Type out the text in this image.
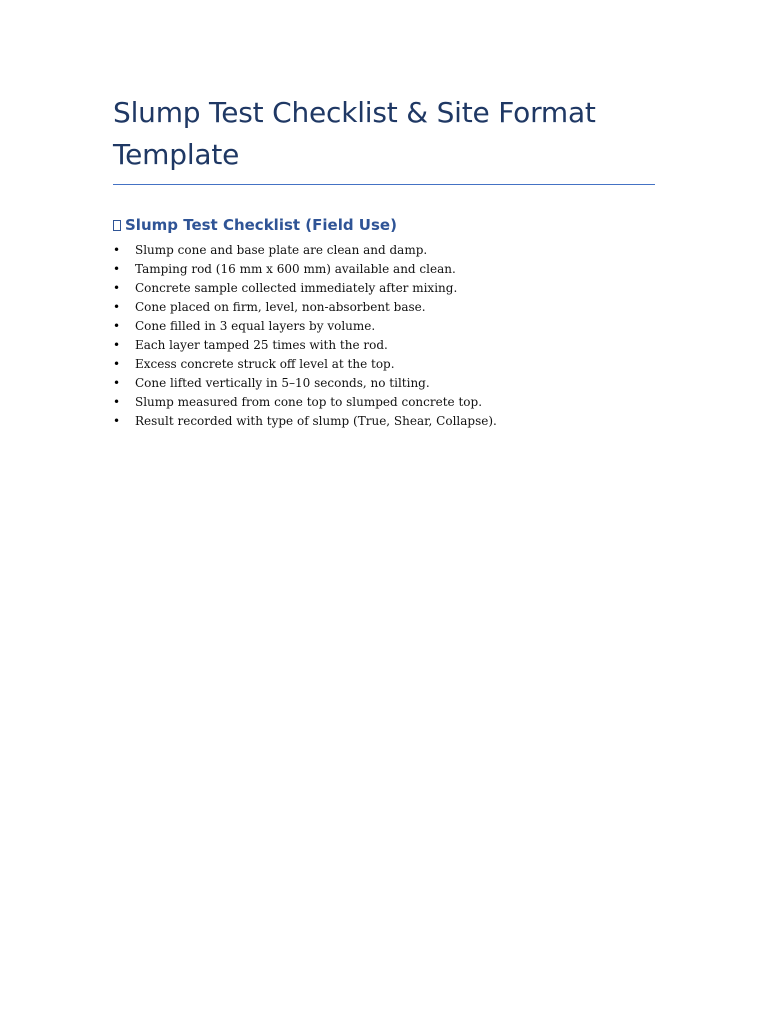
Slump Test Checklist & Site Format Template
Slump Test Checklist (Field Use)
•	Slump cone and base plate are clean and damp.
•	Tamping rod (16 mm x 600 mm) available and clean.
•	Concrete sample collected immediately after mixing.
•	Cone placed on firm, level, non-absorbent base.
•	Cone filled in 3 equal layers by volume.
•	Each layer tamped 25 times with the rod.
•	Excess concrete struck off level at the top.
•	Cone lifted vertically in 5–10 seconds, no tilting.
•	Slump measured from cone top to slumped concrete top.
•	Result recorded with type of slump (True, Shear, Collapse).
